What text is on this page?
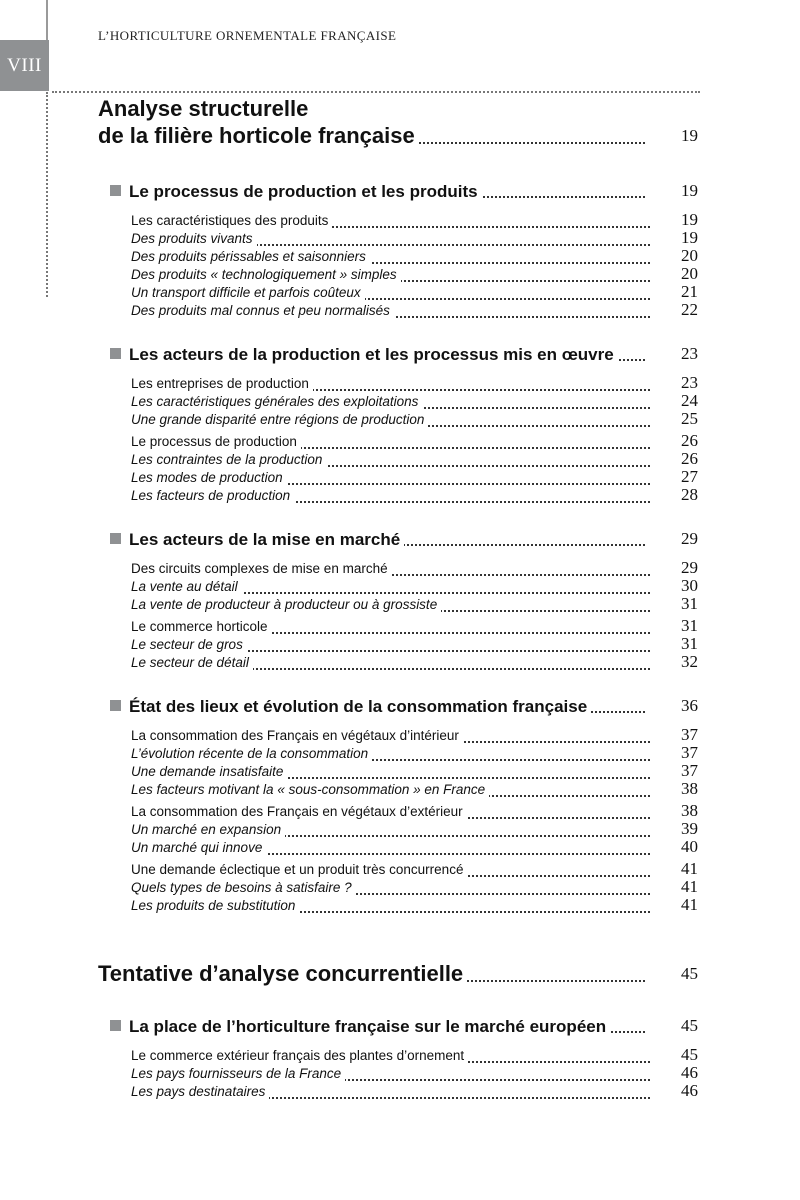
VIII
L’HORTICULTURE ORNEMENTALE FRANÇAISE
Analyse structurelle
de la filière horticole française	19
Le processus de production et les produits	19
Les caractéristiques des produits	19
Des produits vivants	19
Des produits périssables et saisonniers	20
Des produits « technologiquement » simples	20
Un transport difficile et parfois coûteux	21
Des produits mal connus et peu normalisés	22
Les acteurs de la production et les processus mis en œuvre	23
Les entreprises de production	23
Les caractéristiques générales des exploitations	24
Une grande disparité entre régions de production	25
Le processus de production	26
Les contraintes de la production	26
Les modes de production	27
Les facteurs de production	28
Les acteurs de la mise en marché	29
Des circuits complexes de mise en marché	29
La vente au détail	30
La vente de producteur à producteur ou à grossiste	31
Le commerce horticole	31
Le secteur de gros	31
Le secteur de détail	32
État des lieux et évolution de la consommation française	36
La consommation des Français en végétaux d’intérieur	37
L’évolution récente de la consommation	37
Une demande insatisfaite	37
Les facteurs motivant la « sous-consommation » en France	38
La consommation des Français en végétaux d’extérieur	38
Un marché en expansion	39
Un marché qui innove	40
Une demande éclectique et un produit très concurrencé	41
Quels types de besoins à satisfaire ?	41
Les produits de substitution	41
Tentative d’analyse concurrentielle	45
La place de l’horticulture française sur le marché européen	45
Le commerce extérieur français des plantes d’ornement	45
Les pays fournisseurs de la France	46
Les pays destinataires	46
